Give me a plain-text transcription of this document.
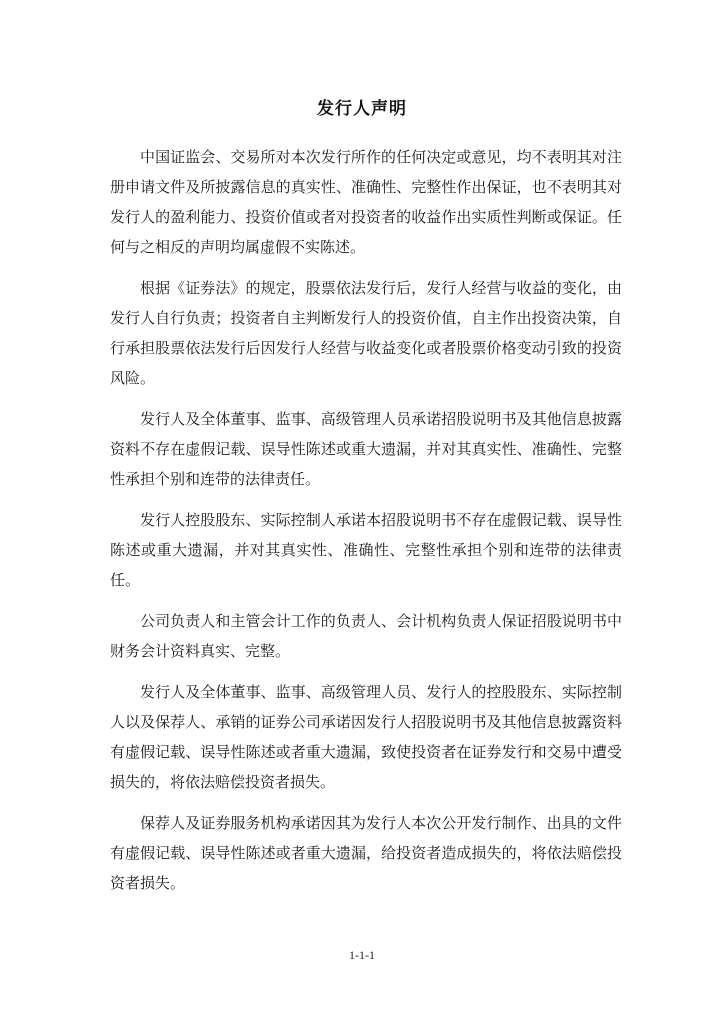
发行人声明

中国证监会、交易所对本次发行所作的任何决定或意见，均不表明其对注册申请文件及所披露信息的真实性、准确性、完整性作出保证，也不表明其对发行人的盈利能力、投资价值或者对投资者的收益作出实质性判断或保证。任何与之相反的声明均属虚假不实陈述。

根据《证券法》的规定，股票依法发行后，发行人经营与收益的变化，由发行人自行负责；投资者自主判断发行人的投资价值，自主作出投资决策，自行承担股票依法发行后因发行人经营与收益变化或者股票价格变动引致的投资风险。

发行人及全体董事、监事、高级管理人员承诺招股说明书及其他信息披露资料不存在虚假记载、误导性陈述或重大遗漏，并对其真实性、准确性、完整性承担个别和连带的法律责任。

发行人控股股东、实际控制人承诺本招股说明书不存在虚假记载、误导性陈述或重大遗漏，并对其真实性、准确性、完整性承担个别和连带的法律责任。

公司负责人和主管会计工作的负责人、会计机构负责人保证招股说明书中财务会计资料真实、完整。

发行人及全体董事、监事、高级管理人员、发行人的控股股东、实际控制人以及保荐人、承销的证券公司承诺因发行人招股说明书及其他信息披露资料有虚假记载、误导性陈述或者重大遗漏，致使投资者在证券发行和交易中遭受损失的，将依法赔偿投资者损失。

保荐人及证券服务机构承诺因其为发行人本次公开发行制作、出具的文件有虚假记载、误导性陈述或者重大遗漏，给投资者造成损失的，将依法赔偿投资者损失。

1-1-1
